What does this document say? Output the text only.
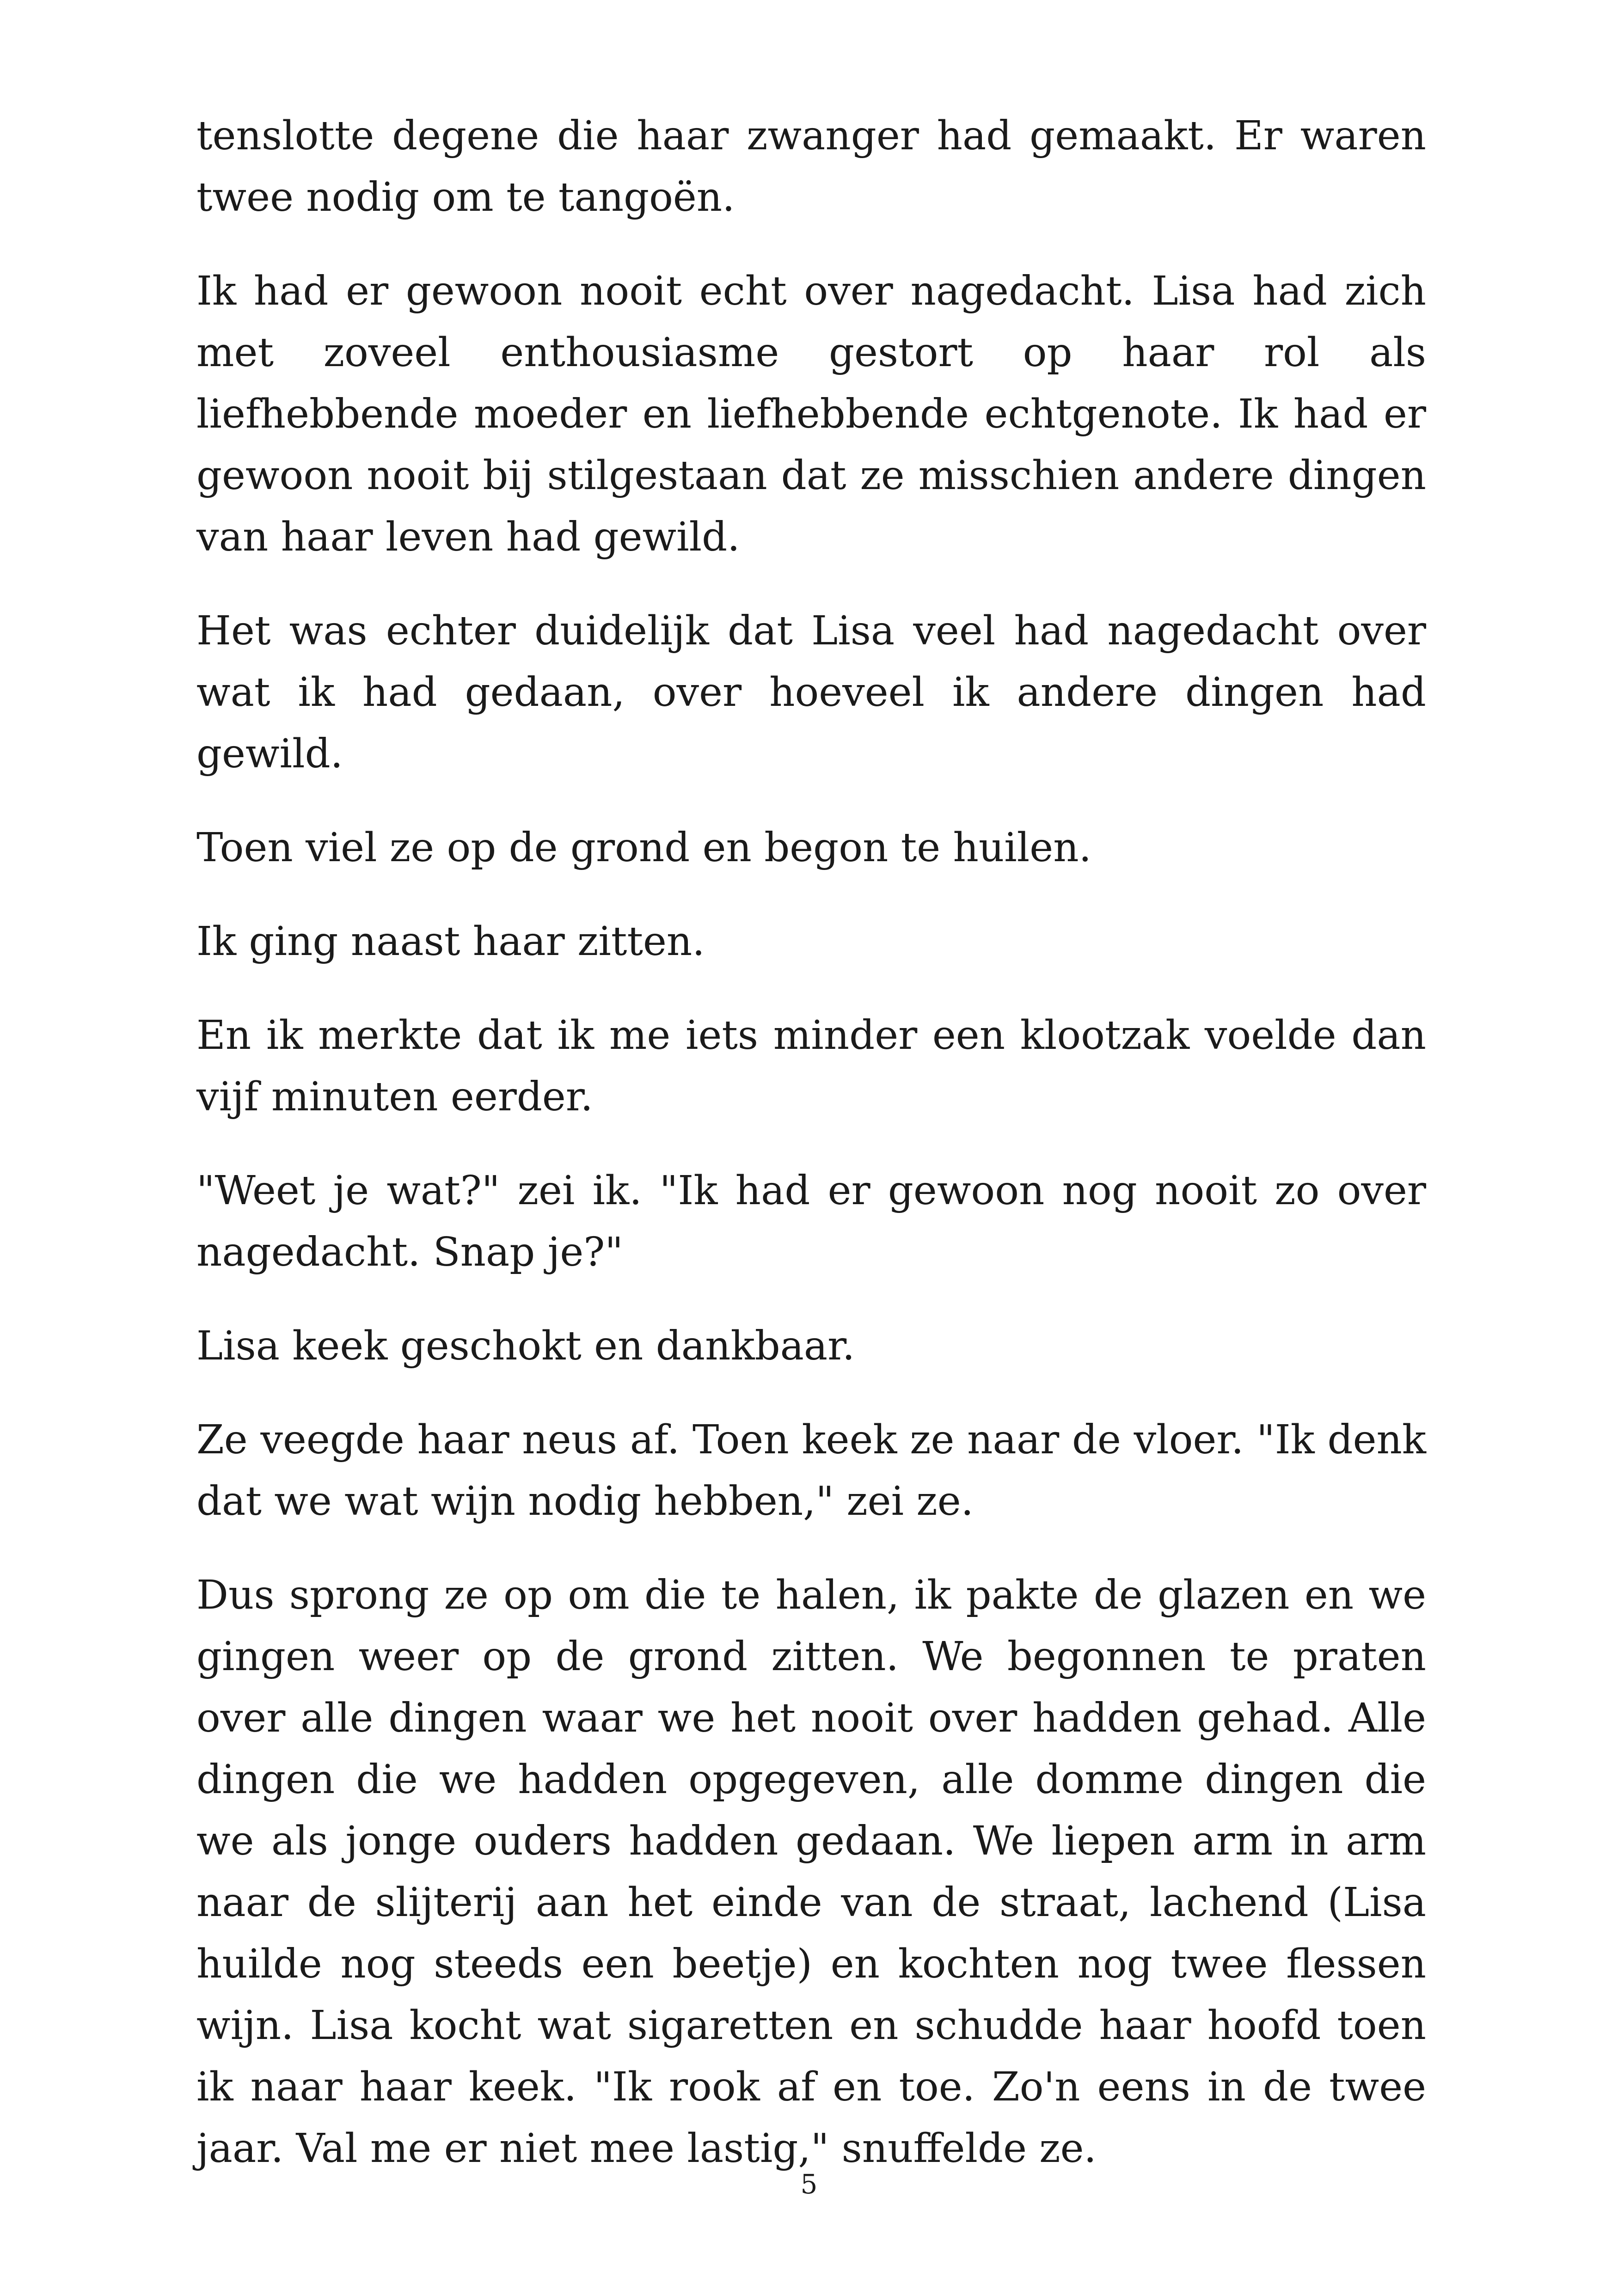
tenslotte degene die haar zwanger had gemaakt. Er waren twee nodig om te tangoën.

Ik had er gewoon nooit echt over nagedacht. Lisa had zich met zoveel enthousiasme gestort op haar rol als liefhebbende moeder en liefhebbende echtgenote. Ik had er gewoon nooit bij stilgestaan dat ze misschien andere dingen van haar leven had gewild.

Het was echter duidelijk dat Lisa veel had nagedacht over wat ik had gedaan, over hoeveel ik andere dingen had gewild.

Toen viel ze op de grond en begon te huilen.

Ik ging naast haar zitten.

En ik merkte dat ik me iets minder een klootzak voelde dan vijf minuten eerder.

"Weet je wat?" zei ik. "Ik had er gewoon nog nooit zo over nagedacht. Snap je?"

Lisa keek geschokt en dankbaar.

Ze veegde haar neus af. Toen keek ze naar de vloer. "Ik denk dat we wat wijn nodig hebben," zei ze.

Dus sprong ze op om die te halen, ik pakte de glazen en we gingen weer op de grond zitten. We begonnen te praten over alle dingen waar we het nooit over hadden gehad. Alle dingen die we hadden opgegeven, alle domme dingen die we als jonge ouders hadden gedaan. We liepen arm in arm naar de slijterij aan het einde van de straat, lachend (Lisa huilde nog steeds een beetje) en kochten nog twee flessen wijn. Lisa kocht wat sigaretten en schudde haar hoofd toen ik naar haar keek. "Ik rook af en toe. Zo'n eens in de twee jaar. Val me er niet mee lastig," snuffelde ze.

5
